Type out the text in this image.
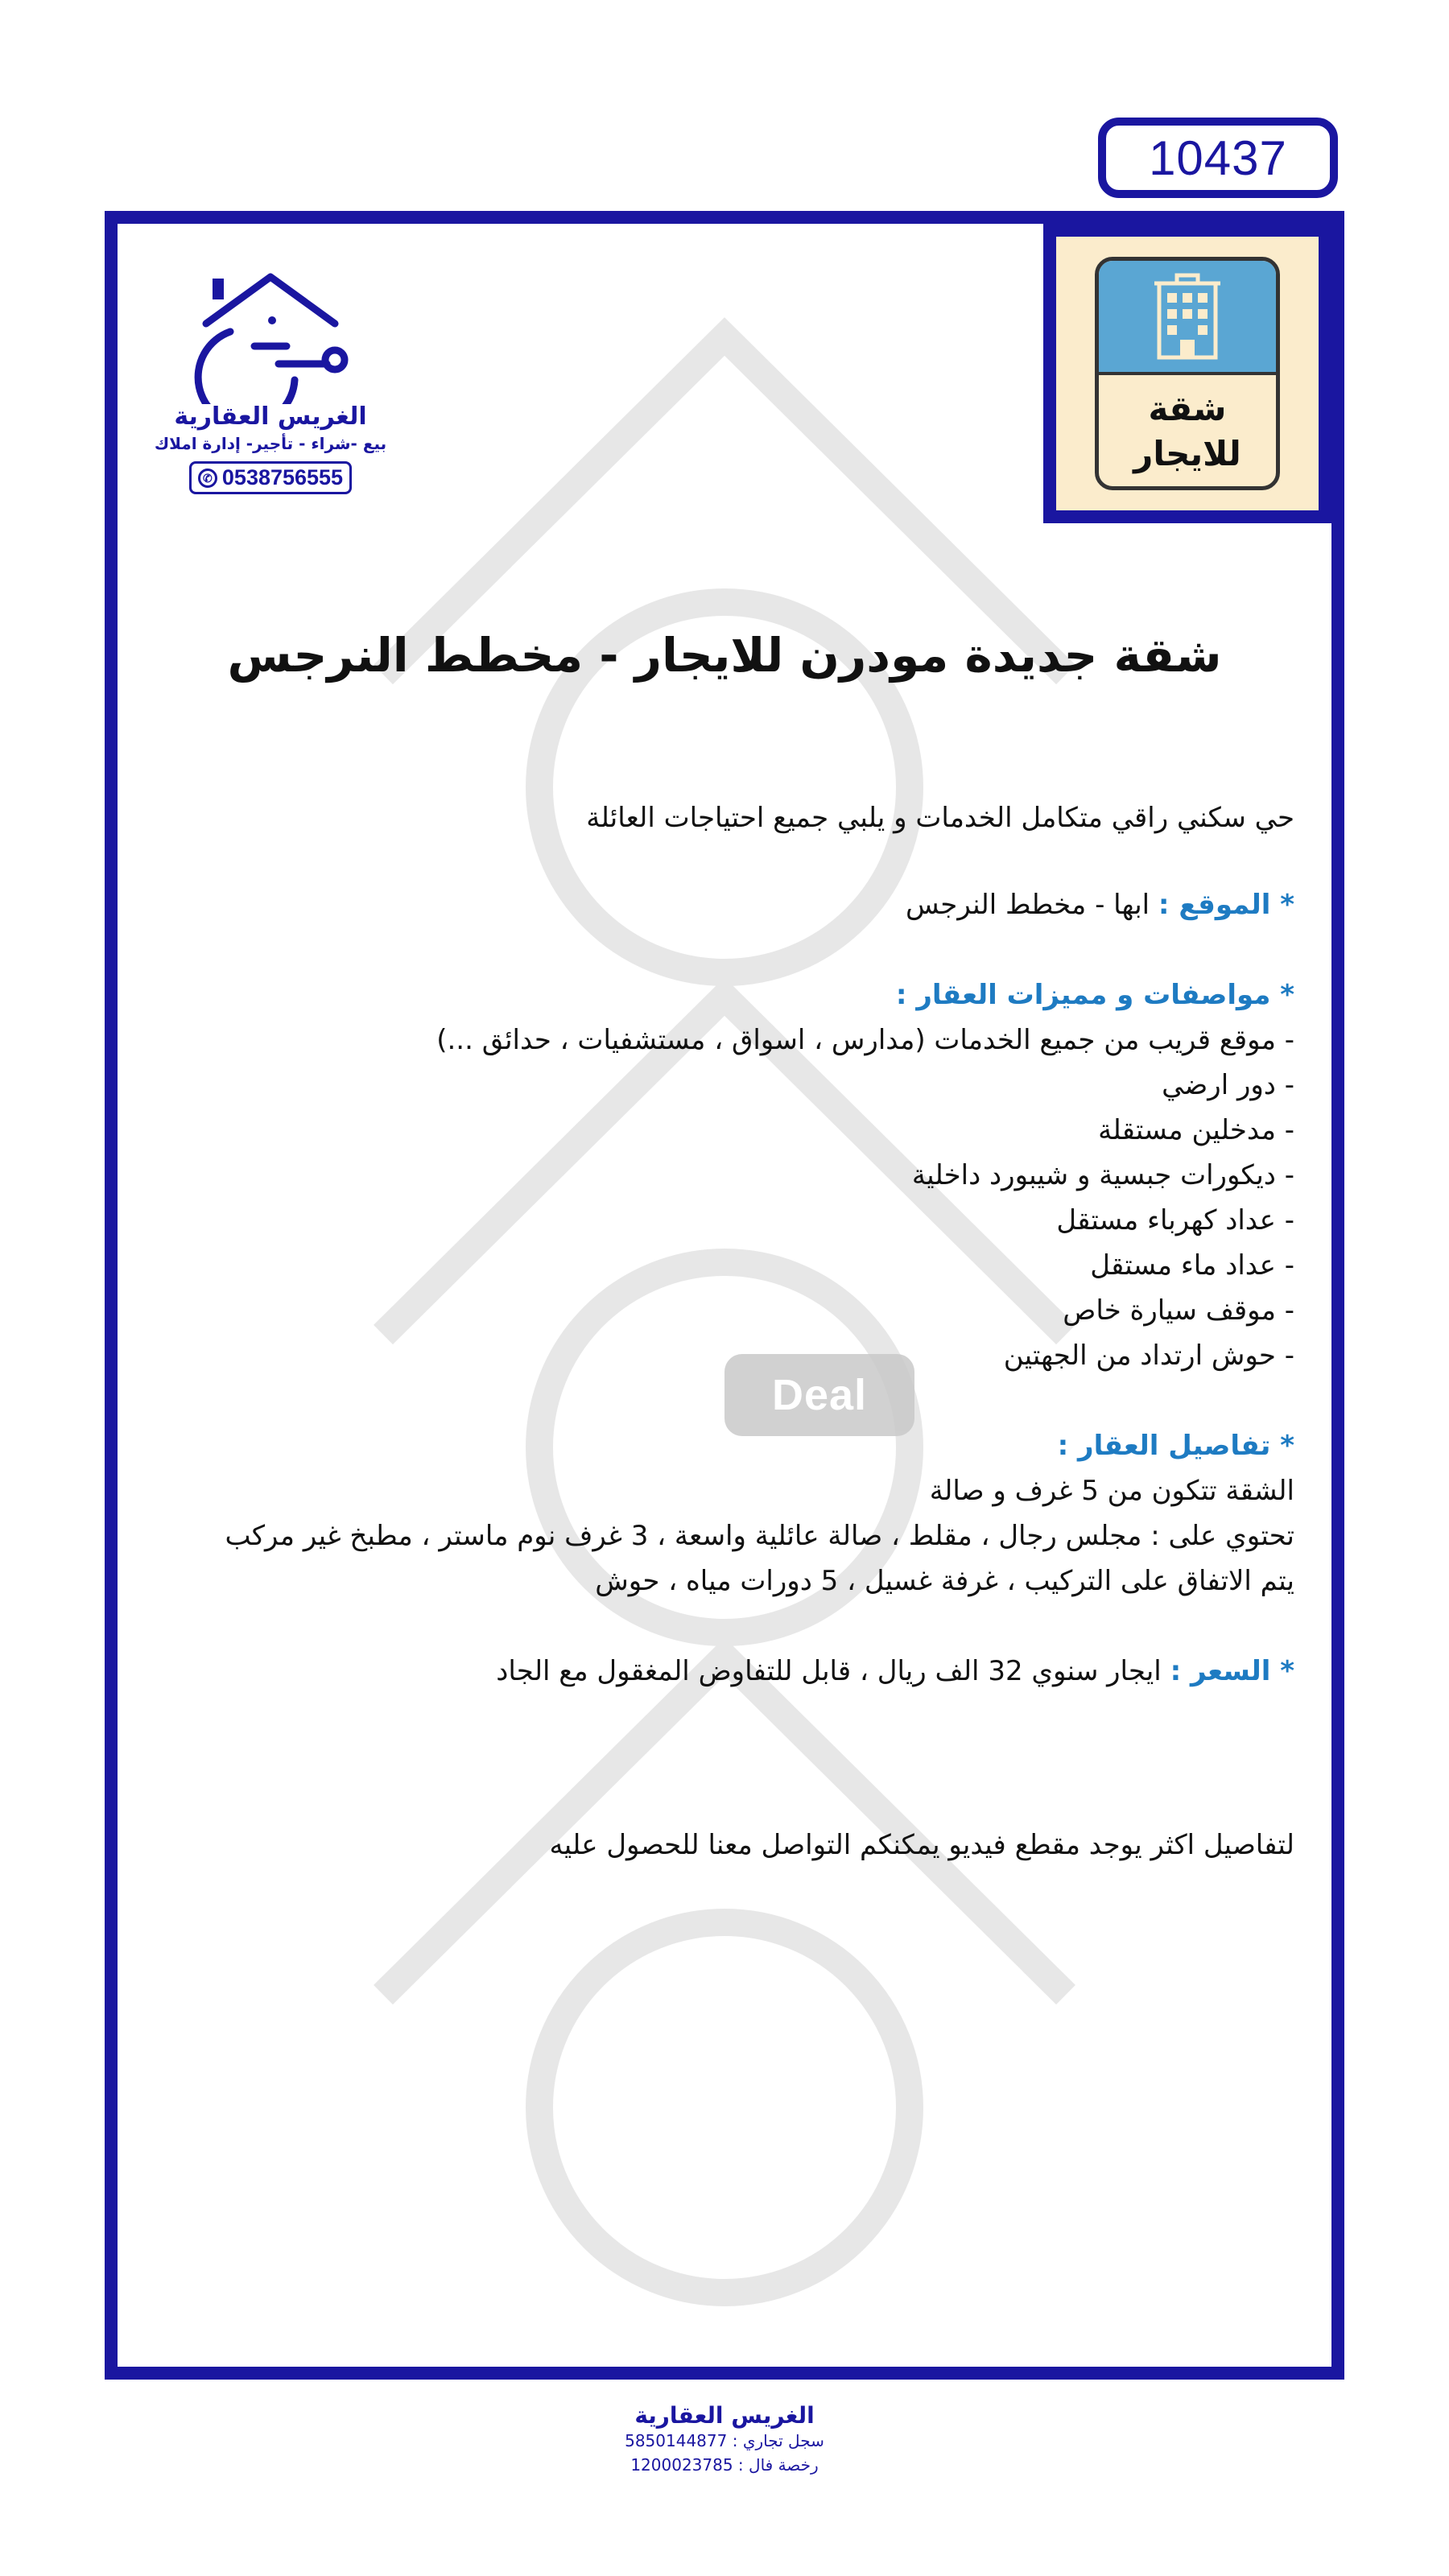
10437
الغريس العقارية
بيع -شراء - تأجير- إدارة املاك
✆ 0538756555
شقة
للايجار
شقة جديدة مودرن للايجار - مخطط النرجس
Deal

حي سكني راقي متكامل الخدمات و يلبي جميع احتياجات العائلة

* الموقع : ابها - مخطط النرجس

* مواصفات و مميزات العقار :

- موقع قريب من جميع الخدمات (مدارس ، اسواق ، مستشفيات ، حدائق ...)
- دور ارضي
- مدخلين مستقلة
- ديكورات جبسية و شيبورد داخلية
- عداد كهرباء مستقل
- عداد ماء مستقل
- موقف سيارة خاص
- حوش ارتداد من الجهتين

* تفاصيل العقار :

الشقة تتكون من 5 غرف و صالة

تحتوي على : مجلس رجال ، مقلط ، صالة عائلية واسعة ، 3 غرف نوم ماستر ، مطبخ غير مركب يتم الاتفاق على التركيب ، غرفة غسيل ، 5 دورات مياه ، حوش

* السعر : ايجار سنوي 32 الف ريال ، قابل للتفاوض المغقول مع الجاد

لتفاصيل اكثر يوجد مقطع فيديو يمكنكم التواصل معنا للحصول عليه

الغريس العقارية
سجل تجاري : 5850144877
رخصة فال : 1200023785
